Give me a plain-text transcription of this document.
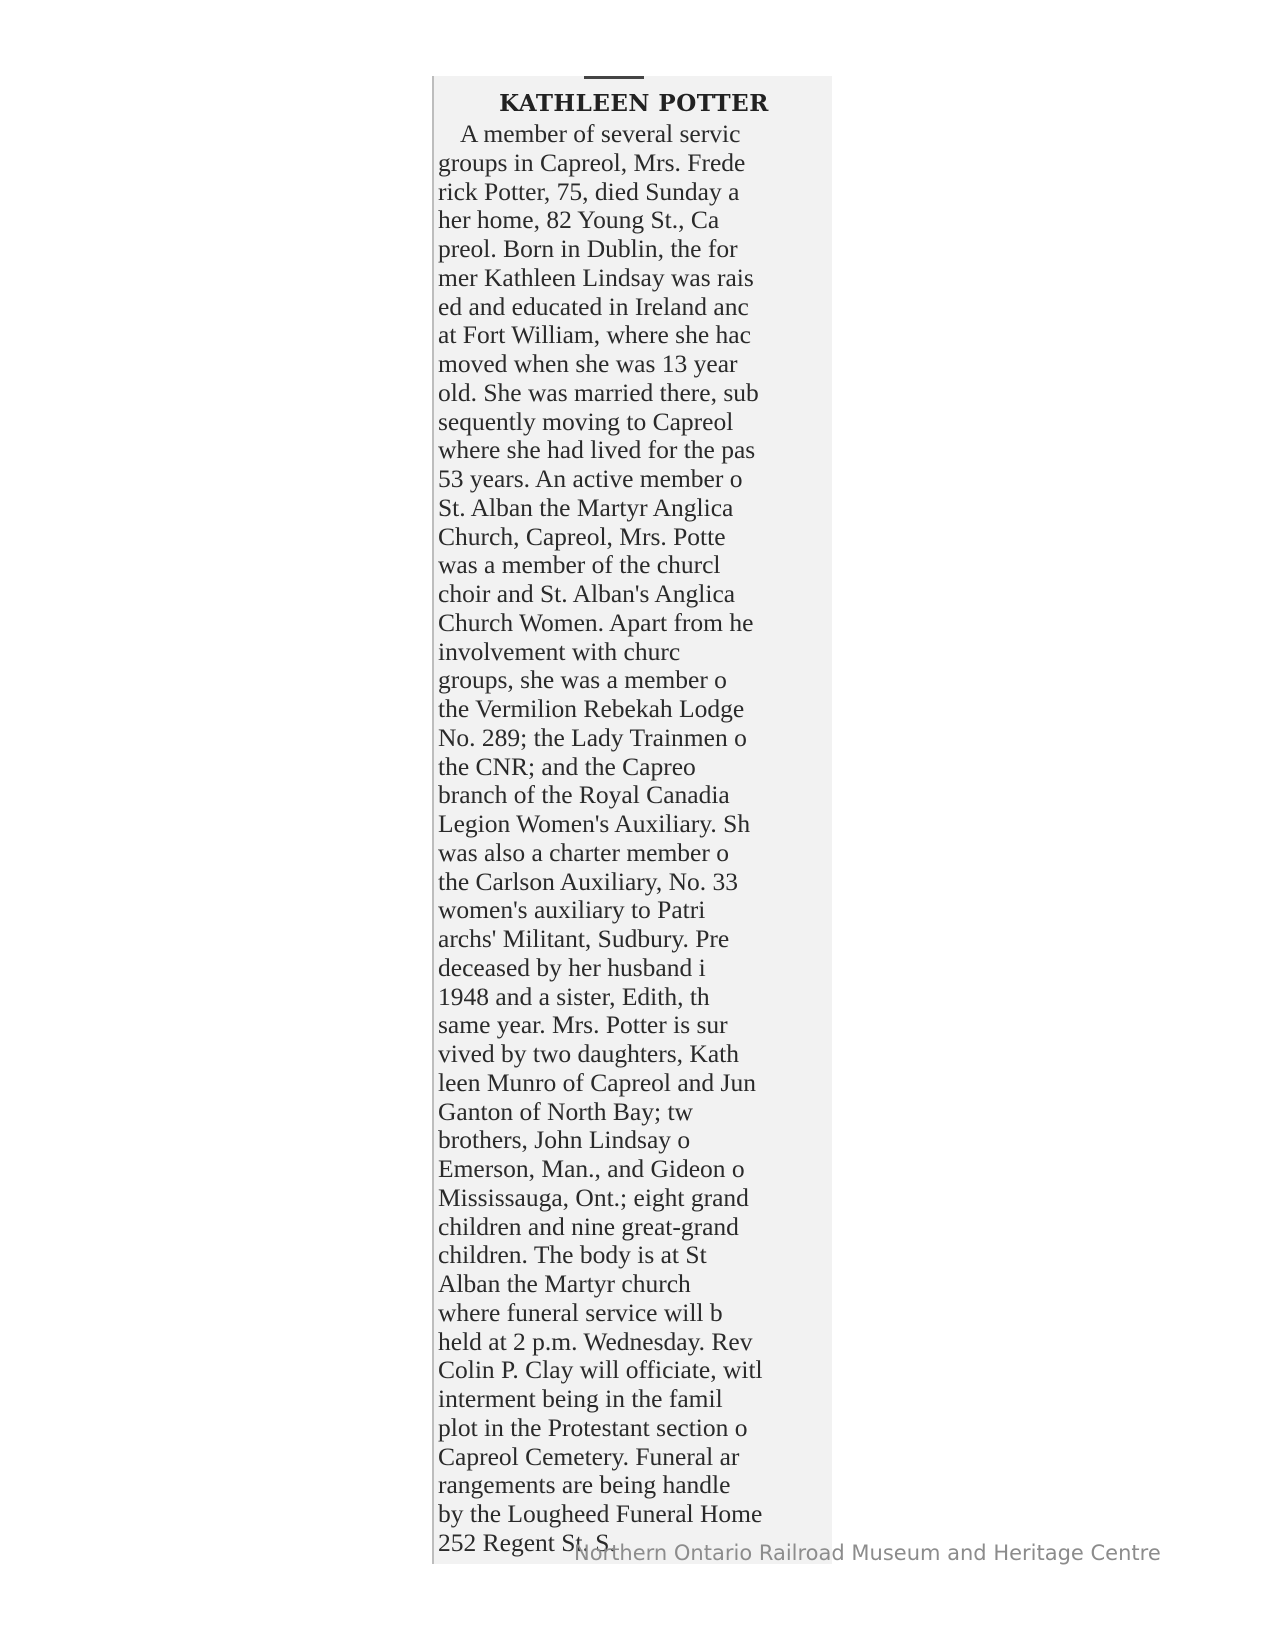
KATHLEEN POTTER
A member of several servic
groups in Capreol, Mrs. Frede
rick Potter, 75, died Sunday a
her home, 82 Young St., Ca
preol. Born in Dublin, the for
mer Kathleen Lindsay was rais
ed and educated in Ireland anc
at Fort William, where she hac
moved when she was 13 year
old. She was married there, sub
sequently moving to Capreol
where she had lived for the pas
53 years. An active member o
St. Alban the Martyr Anglica
Church, Capreol, Mrs. Potte
was a member of the churcl
choir and St. Alban's Anglica
Church Women. Apart from he
involvement with churc
groups, she was a member o
the Vermilion Rebekah Lodge
No. 289; the Lady Trainmen o
the CNR; and the Capreo
branch of the Royal Canadia
Legion Women's Auxiliary. Sh
was also a charter member o
the Carlson Auxiliary, No. 33
women's auxiliary to Patri
archs' Militant, Sudbury. Pre
deceased by her husband i
1948 and a sister, Edith, th
same year. Mrs. Potter is sur
vived by two daughters, Kath
leen Munro of Capreol and Jun
Ganton of North Bay; tw
brothers, John Lindsay o
Emerson, Man., and Gideon o
Mississauga, Ont.; eight grand
children and nine great-grand
children. The body is at St
Alban the Martyr church
where funeral service will b
held at 2 p.m. Wednesday. Rev
Colin P. Clay will officiate, witl
interment being in the famil
plot in the Protestant section o
Capreol Cemetery. Funeral ar
rangements are being handle
by the Lougheed Funeral Home
252 Regent St. S.
Northern Ontario Railroad Museum and Heritage Centre
